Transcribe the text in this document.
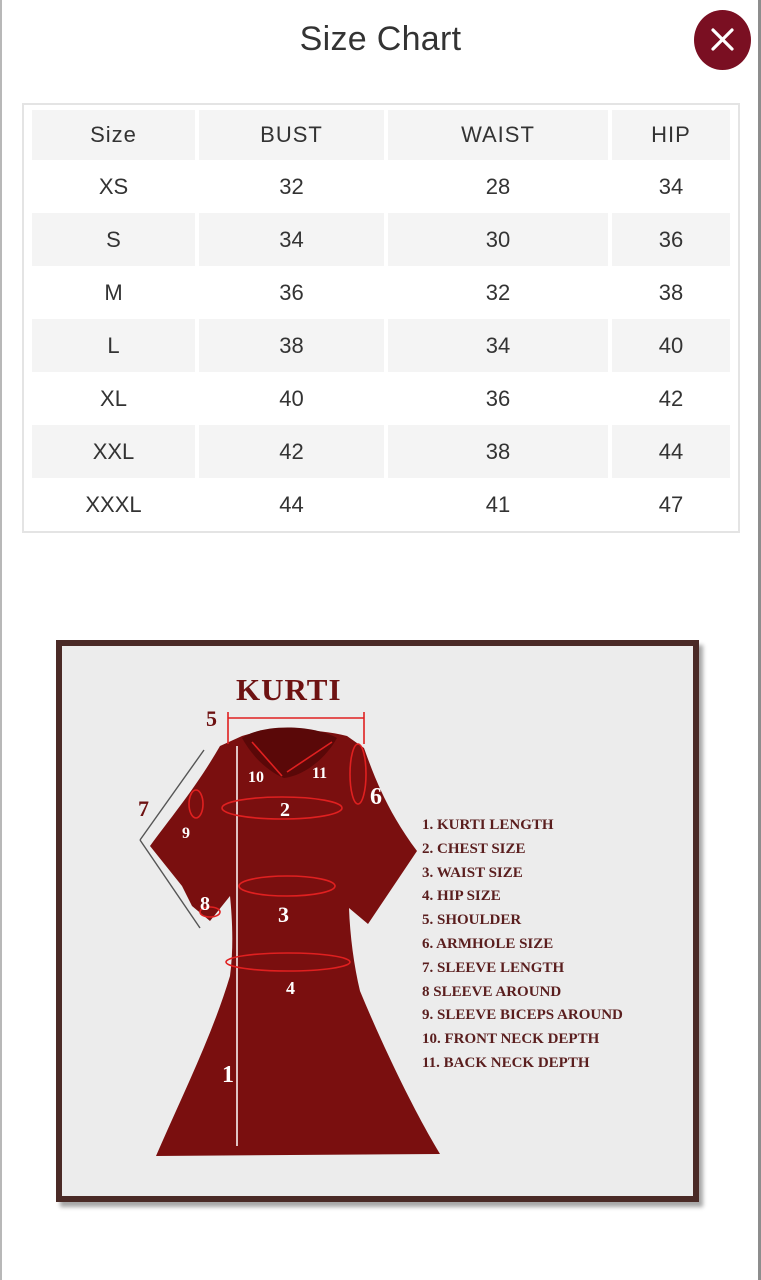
Size Chart
Size	BUST	WAIST	HIP
XS	32	28	34
S	34	30	36
M	36	32	38
L	38	34	40
XL	40	36	42
XXL	42	38	44
XXXL	44	41	47
KURTI
1
2
3
4
5
6
7
8
9
10	11
1. KURTI LENGTH
2. CHEST SIZE
3. WAIST SIZE
4. HIP SIZE
5. SHOULDER
6. ARMHOLE SIZE
7. SLEEVE LENGTH
8 SLEEVE AROUND
9. SLEEVE BICEPS AROUND
10. FRONT NECK DEPTH
11. BACK NECK DEPTH
